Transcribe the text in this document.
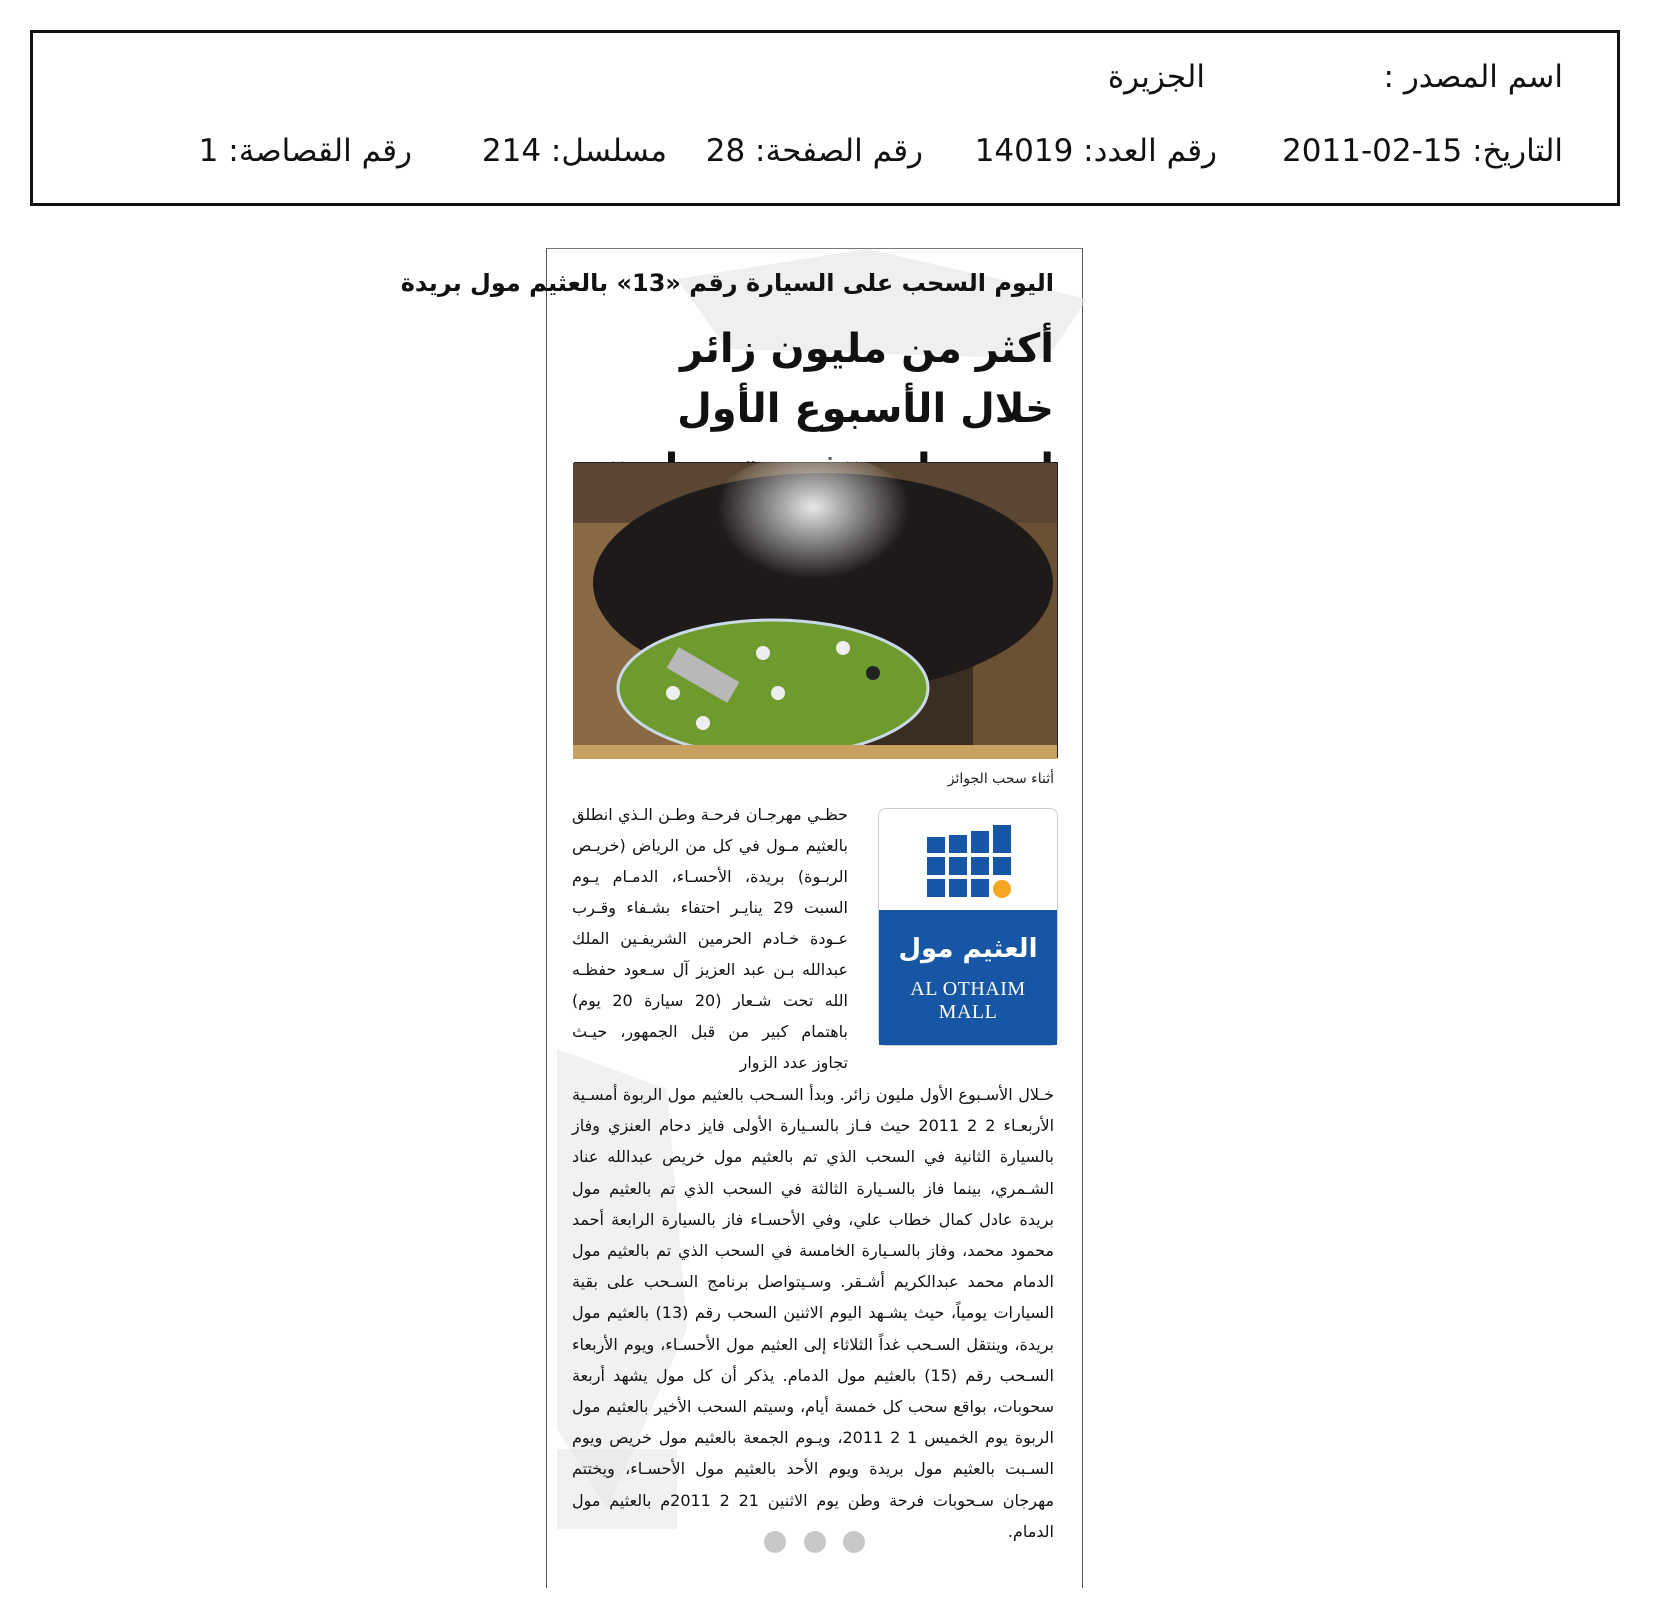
اسم المصدر :
الجزيرة
التاريخ: 15-02-2011
رقم العدد: 14019
رقم الصفحة: 28
مسلسل: 214
رقم القصاصة: 1
اليوم السحب على السيارة رقم «13» بالعثيم مول بريدة
أكثر من مليون زائر خلال الأسبوع الأول
أثناء سحب الجوائز
العثيم مول
AL OTHAIM MALL
حظـي مهرجـان فرحـة وطـن الـذي انطلق بالعثيم مـول في كل من الرياض (خريـص الربـوة) بريدة، الأحسـاء، الدمـام يـوم السبت 29 ينايـر احتفاء بشـفاء وقـرب عـودة خـادم الحرمين الشريفـين الملك عبدالله بـن عبد العزيز آل سـعود حفظـه الله تحت شـعار (20 سيارة 20 يوم) باهتمام كبير من قبل الجمهور، حيـث تجاوز عدد الزوار
خـلال الأسـبوع الأول مليون زائر. وبدأ السـحب بالعثيم مول الربوة أمسـية الأربعـاء 2 2 2011 حيث فـاز بالسـيارة الأولى فايز دحام العنزي وفاز بالسيارة الثانية في السحب الذي تم بالعثيم مول خريص عبدالله عناد الشـمري، بينما فاز بالسـيارة الثالثة في السحب الذي تم بالعثيم مول بريدة عادل كمال خطاب علي، وفي الأحسـاء فاز بالسيارة الرابعة أحمد محمود محمد، وفاز بالسـيارة الخامسة في السحب الذي تم بالعثيم مول الدمام محمد عبدالكريم أشـقر. وسـيتواصل برنامج السـحب على بقية السيارات يومياً، حيث يشـهد اليوم الاثنين السحب رقم (13) بالعثيم مول بريدة، وينتقل السـحب غداً الثلاثاء إلى العثيم مول الأحسـاء، ويوم الأربعاء السـحب رقم (15) بالعثيم مول الدمام. يذكر أن كل مول يشهد أربعة سحوبات، بواقع سحب كل خمسة أيام، وسيتم السحب الأخير بالعثيم مول الربوة يوم الخميس 1 2 2011، ويـوم الجمعة بالعثيم مول خريص ويوم السـبت بالعثيم مول بريدة ويوم الأحد بالعثيم مول الأحسـاء، ويختتم مهرجان سـحوبات فرحة وطن يوم الاثنين 21 2 2011م بالعثيم مول الدمام.
